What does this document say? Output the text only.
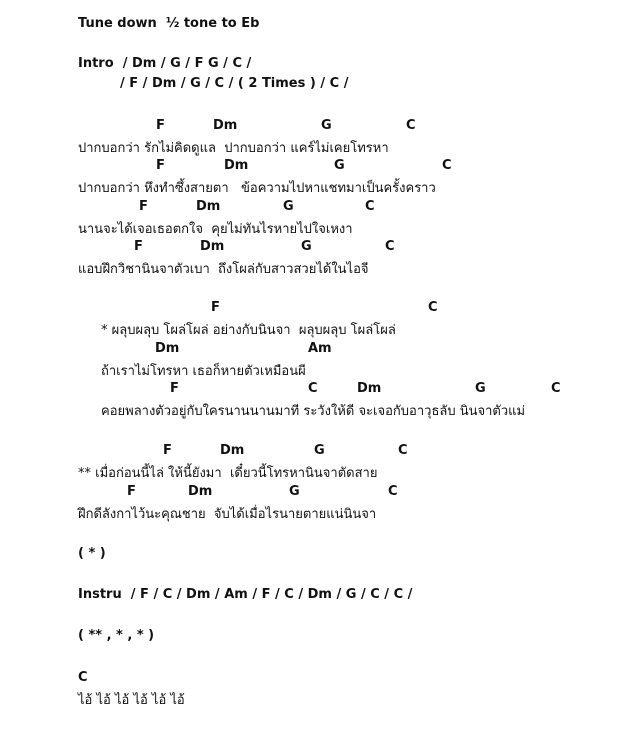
Tune down  ½ tone to Eb
Intro  / Dm / G / F G / C /
/ F / Dm / G / C / ( 2 Times ) / C /
F	Dm	G	C
ปากบอกว่า รักไม่คิดดูแล  ปากบอกว่า แคร์ไม่เคยโทรหา
F	Dm	G	C
ปากบอกว่า หึงทำซึ้งสายตา   ข้อความไปหาแชทมาเป็นครั้งคราว
F	Dm	G	C
นานจะได้เจอเธอตกใจ  คุยไม่ทันไรหายไปใจเหงา
F	Dm	G	C
แอบฝึกวิชานินจาตัวเบา  ถึงโผล่กับสาวสวยได้ในไอจี
F	C
* ผลุบผลุบ โผล่โผล่ อย่างกับนินจา  ผลุบผลุบ โผล่โผล่
Dm	Am
ถ้าเราไม่โทรหา เธอก็หายตัวเหมือนผี
F	C	Dm	G	C
คอยพลางตัวอยู่กับใครนานนานมาที ระวังให้ดี จะเจอกับอาวุธลับ นินจาตัวแม่
F	Dm	G	C
** เมื่อก่อนนี้ไล่ ให้นี้ยังมา  เดี๋ยวนี้โทรหานินจาตัดสาย
F	Dm	G	C
ฝึกดีลังกาไว้นะคุณชาย  จับได้เมื่อไรนายตายแน่นินจา
( * )
Instru  / F / C / Dm / Am / F / C / Dm / G / C / C /
( ** , * , * )
C
ไอ้ ไอ้ ไอ้ ไอ้ ไอ้ ไอ้
